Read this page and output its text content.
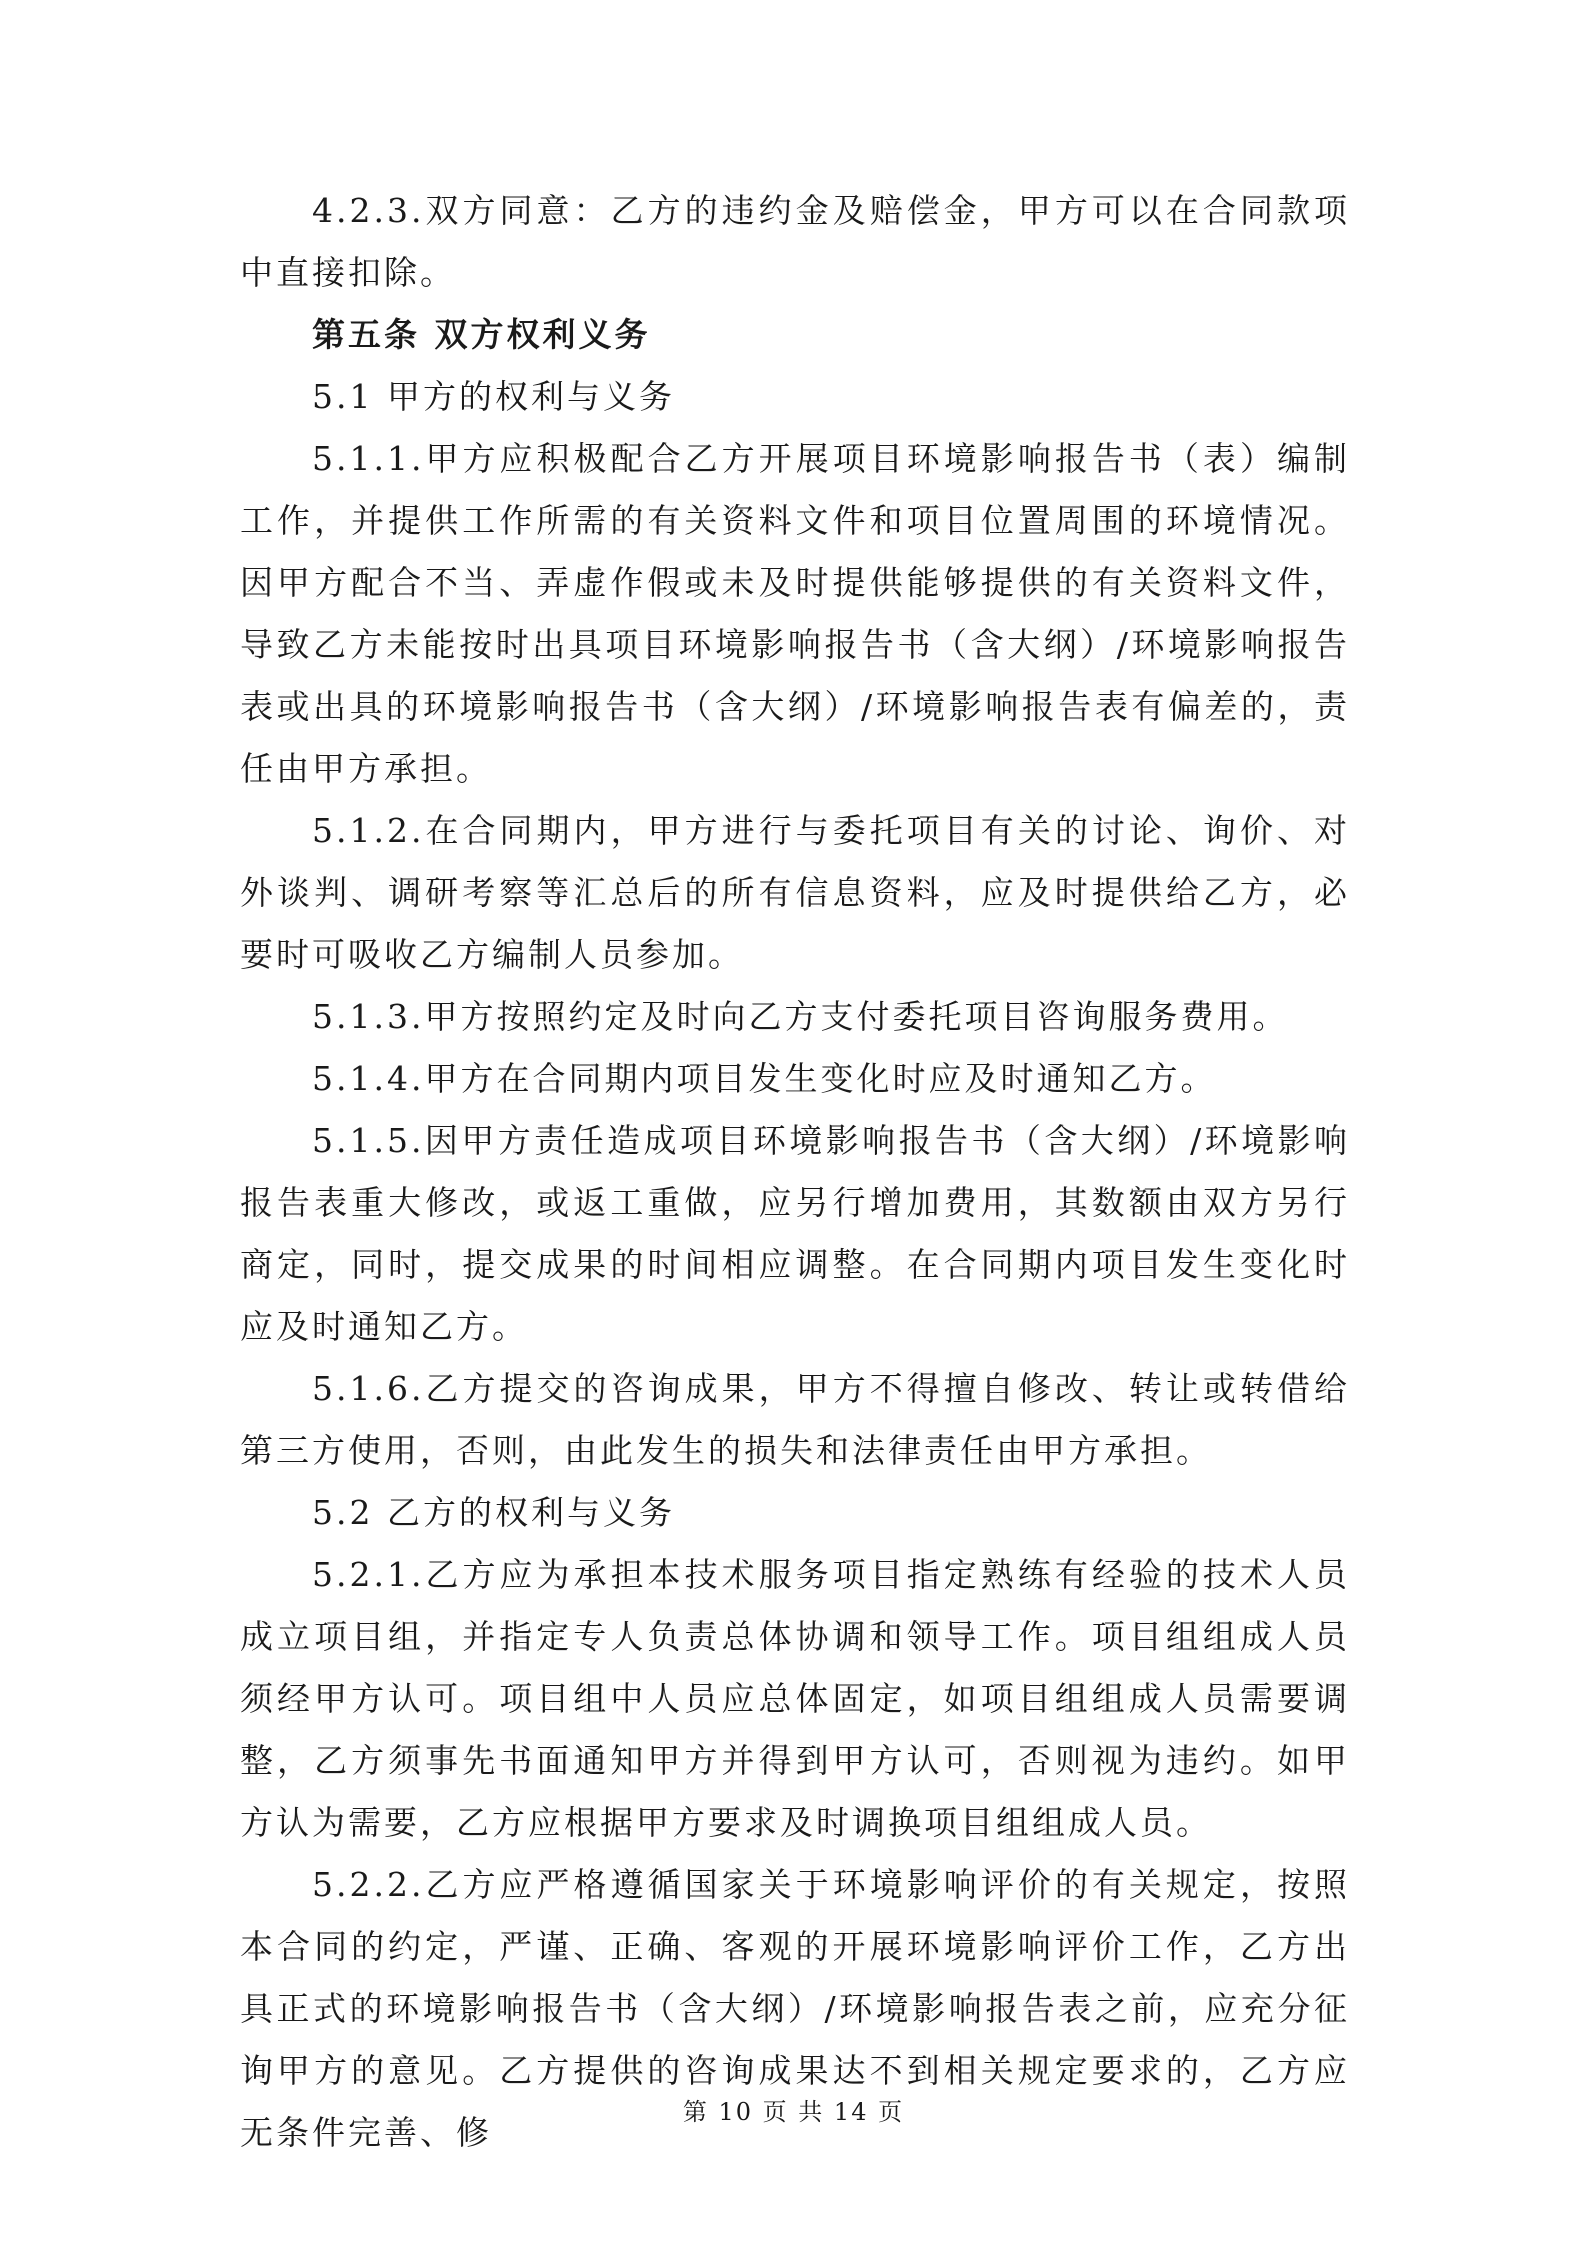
4.2.3.双方同意：乙方的违约金及赔偿金，甲方可以在合同款项中直接扣除。

第五条 双方权利义务

5.1 甲方的权利与义务

5.1.1.甲方应积极配合乙方开展项目环境影响报告书（表）编制工作，并提供工作所需的有关资料文件和项目位置周围的环境情况。因甲方配合不当、弄虚作假或未及时提供能够提供的有关资料文件，导致乙方未能按时出具项目环境影响报告书（含大纲）/环境影响报告表或出具的环境影响报告书（含大纲）/环境影响报告表有偏差的，责任由甲方承担。

5.1.2.在合同期内，甲方进行与委托项目有关的讨论、询价、对外谈判、调研考察等汇总后的所有信息资料，应及时提供给乙方，必要时可吸收乙方编制人员参加。

5.1.3.甲方按照约定及时向乙方支付委托项目咨询服务费用。

5.1.4.甲方在合同期内项目发生变化时应及时通知乙方。

5.1.5.因甲方责任造成项目环境影响报告书（含大纲）/环境影响报告表重大修改，或返工重做，应另行增加费用，其数额由双方另行商定，同时，提交成果的时间相应调整。在合同期内项目发生变化时应及时通知乙方。

5.1.6.乙方提交的咨询成果，甲方不得擅自修改、转让或转借给第三方使用，否则，由此发生的损失和法律责任由甲方承担。

5.2 乙方的权利与义务

5.2.1.乙方应为承担本技术服务项目指定熟练有经验的技术人员成立项目组，并指定专人负责总体协调和领导工作。项目组组成人员须经甲方认可。项目组中人员应总体固定，如项目组组成人员需要调整，乙方须事先书面通知甲方并得到甲方认可，否则视为违约。如甲方认为需要，乙方应根据甲方要求及时调换项目组组成人员。

5.2.2.乙方应严格遵循国家关于环境影响评价的有关规定，按照本合同的约定，严谨、正确、客观的开展环境影响评价工作，乙方出具正式的环境影响报告书（含大纲）/环境影响报告表之前，应充分征询甲方的意见。乙方提供的咨询成果达不到相关规定要求的，乙方应无条件完善、修

第 10 页 共 14 页
